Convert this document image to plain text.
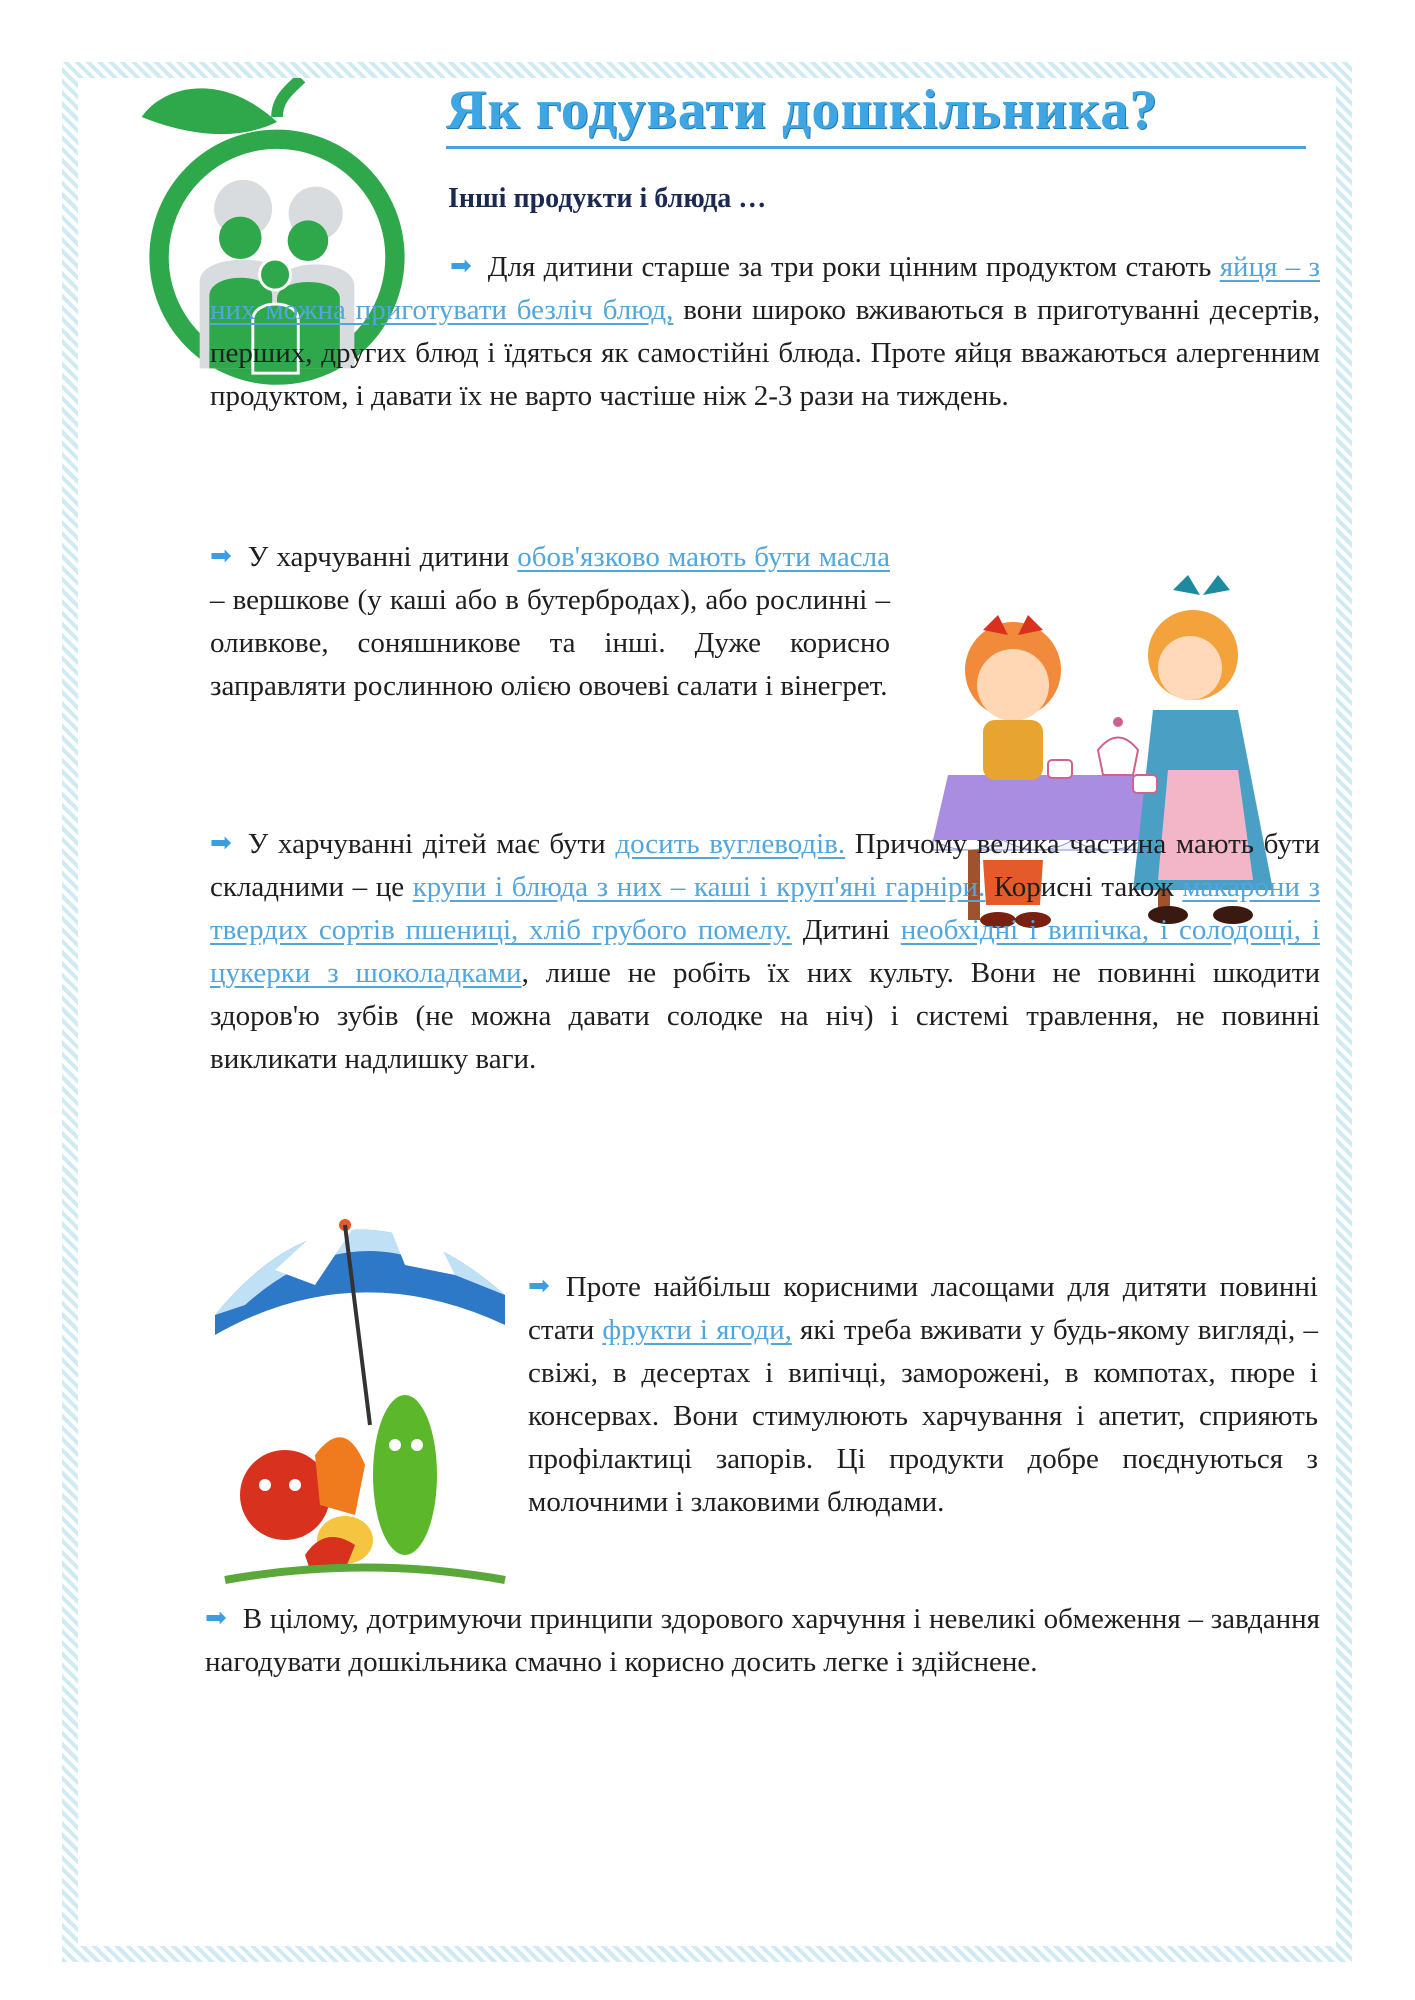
Як годувати дошкільника?
Інші продукти і блюда …

➡ Для дитини старше за три роки цінним продуктом стають яйця – з них можна приготувати безліч блюд, вони широко вживаються в приготуванні десертів, перших, других блюд і їдяться як самостійні блюда. Проте яйця вважаються алергенним продуктом, і давати їх не варто частіше ніж 2-3 рази на тиждень.

➡ У харчуванні дитини обов'язково мають бути масла – вершкове (у каші або в бутербродах), або рослинні – оливкове, соняшникове та інші. Дуже корисно заправляти рослинною олією овочеві салати і вінегрет.

➡ У харчуванні дітей має бути досить вуглеводів. Причому велика частина мають бути складними – це крупи і блюда з них – каші і круп'яні гарніри. Корисні також макарони з твердих сортів пшениці, хліб грубого помелу. Дитині необхідні і випічка, і солодощі, і цукерки з шоколадками, лише не робіть їх них культу. Вони не повинні шкодити здоров'ю зубів (не можна давати солодке на ніч) і системі травлення, не повинні викликати надлишку ваги.

➡ Проте найбільш корисними ласощами для дитяти повинні стати фрукти і ягоди, які треба вживати у будь-якому вигляді, – свіжі, в десертах і випічці, заморожені, в компотах, пюре і консервах. Вони стимулюють харчування і апетит, сприяють профілактиці запорів. Ці продукти добре поєднуються з молочними і злаковими блюдами.

➡ В цілому, дотримуючи принципи здорового харчуння і невеликі обмеження – завдання нагодувати дошкільника смачно і корисно досить легке і здійснене.
